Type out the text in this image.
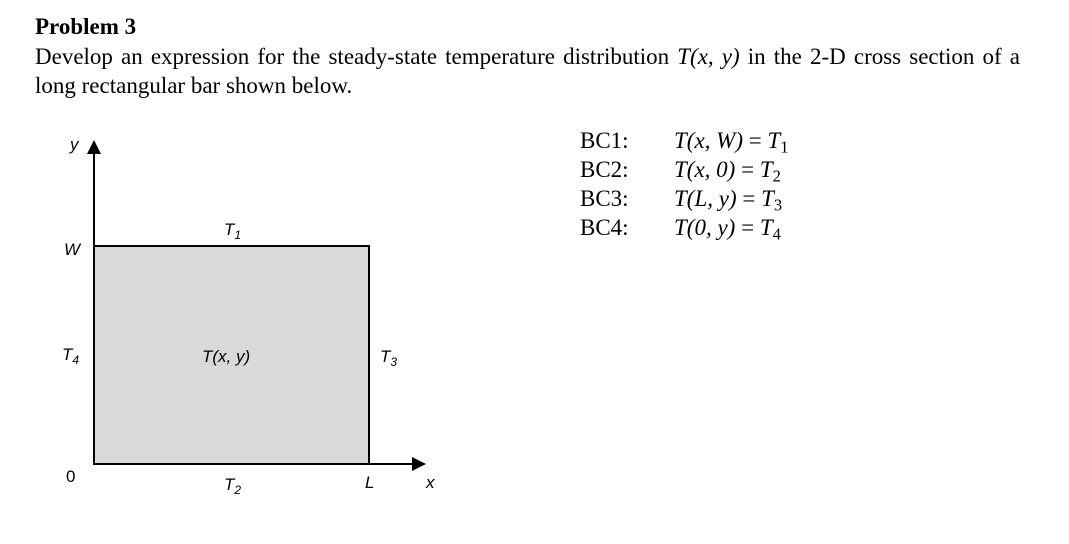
Problem 3

Develop an expression for the steady-state temperature distribution T(x, y) in the 2-D cross section of a long rectangular bar shown below.

BC1: T(x, $W) = T_1$
BC2: T(x, $0) = T_2$
BC3: T(L, $y) = T_3$
BC4: T(0, $y) = T_4$
y
x
W
0	L
$T_1$
$T_2$
$T_3$
$T_4$	T(x, y)
